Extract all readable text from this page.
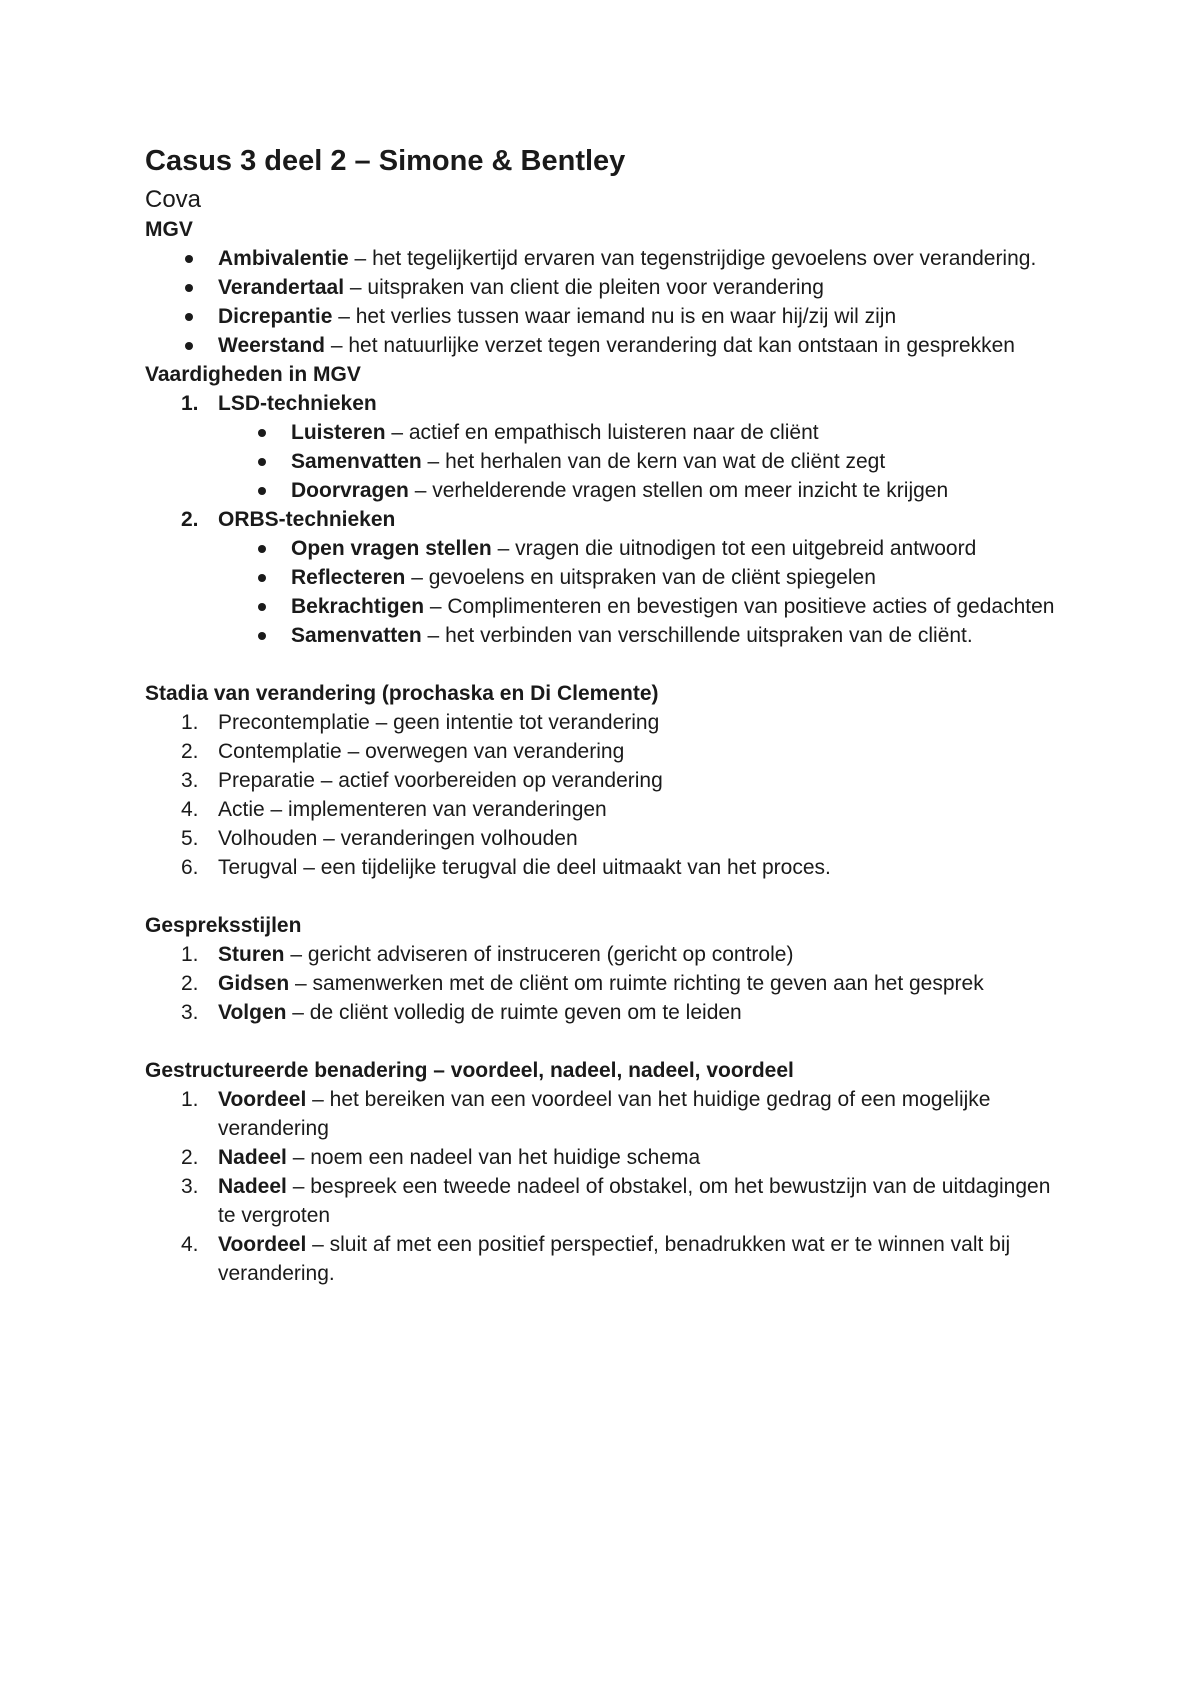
Casus 3 deel 2 – Simone & Bentley
Cova

MGV

Ambivalentie – het tegelijkertijd ervaren van tegenstrijdige gevoelens over verandering.
Verandertaal – uitspraken van client die pleiten voor verandering
Dicrepantie – het verlies tussen waar iemand nu is en waar hij/zij wil zijn
Weerstand – het natuurlijke verzet tegen verandering dat kan ontstaan in gesprekken

Vaardigheden in MGV

1. LSD-technieken
Luisteren – actief en empathisch luisteren naar de cliënt
Samenvatten – het herhalen van de kern van wat de cliënt zegt
Doorvragen – verhelderende vragen stellen om meer inzicht te krijgen
2. ORBS-technieken
Open vragen stellen – vragen die uitnodigen tot een uitgebreid antwoord
Reflecteren – gevoelens en uitspraken van de cliënt spiegelen
Bekrachtigen – Complimenteren en bevestigen van positieve acties of gedachten
Samenvatten – het verbinden van verschillende uitspraken van de cliënt.

Stadia van verandering (prochaska en Di Clemente)

1. Precontemplatie – geen intentie tot verandering
2. Contemplatie – overwegen van verandering
3. Preparatie – actief voorbereiden op verandering
4. Actie – implementeren van veranderingen
5. Volhouden – veranderingen volhouden
6. Terugval – een tijdelijke terugval die deel uitmaakt van het proces.

Gespreksstijlen

1. Sturen – gericht adviseren of instruceren (gericht op controle)
2. Gidsen – samenwerken met de cliënt om ruimte richting te geven aan het gesprek
3. Volgen – de cliënt volledig de ruimte geven om te leiden

Gestructureerde benadering – voordeel, nadeel, nadeel, voordeel

1. Voordeel – het bereiken van een voordeel van het huidige gedrag of een mogelijke verandering
2. Nadeel – noem een nadeel van het huidige schema
3. Nadeel – bespreek een tweede nadeel of obstakel, om het bewustzijn van de uitdagingen te vergroten
4. Voordeel – sluit af met een positief perspectief, benadrukken wat er te winnen valt bij verandering.
